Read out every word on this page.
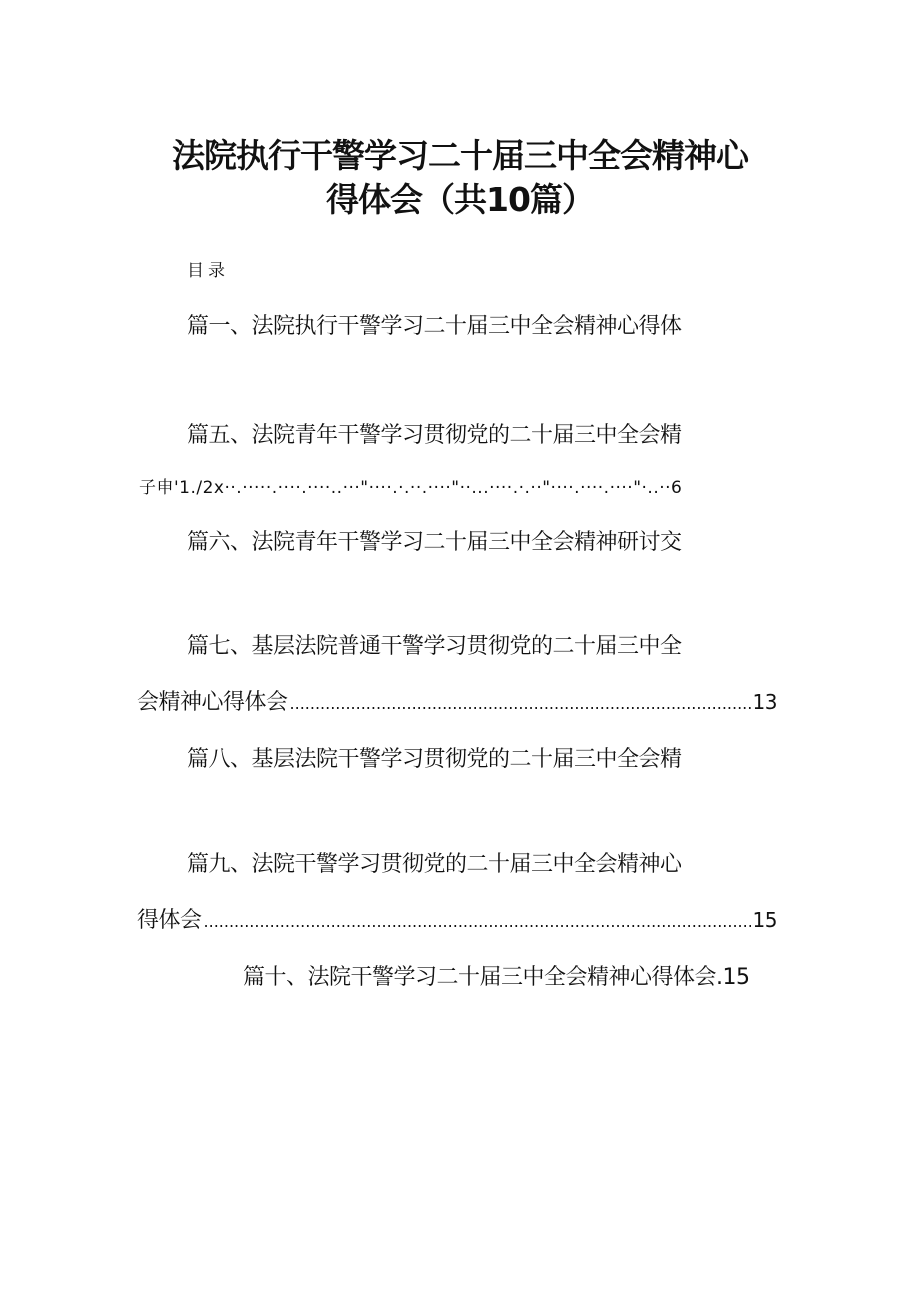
法院执行干警学习二十届三中全会精神心
得体会（共10篇）
目录
篇一、法院执行干警学习二十届三中全会精神心得体
篇五、法院青年干警学习贯彻党的二十届三中全会精
子申'1./2x··.·····.····.····..···"····.·.··.····"··...····.·.··"····.····.····"·..··6
篇六、法院青年干警学习二十届三中全会精神研讨交
篇七、基层法院普通干警学习贯彻党的二十届三中全
会精神心得体会 .....	13
篇八、基层法院干警学习贯彻党的二十届三中全会精
篇九、法院干警学习贯彻党的二十届三中全会精神心
得体会 .....	15
篇十、法院干警学习二十届三中全会精神心得体会.15
